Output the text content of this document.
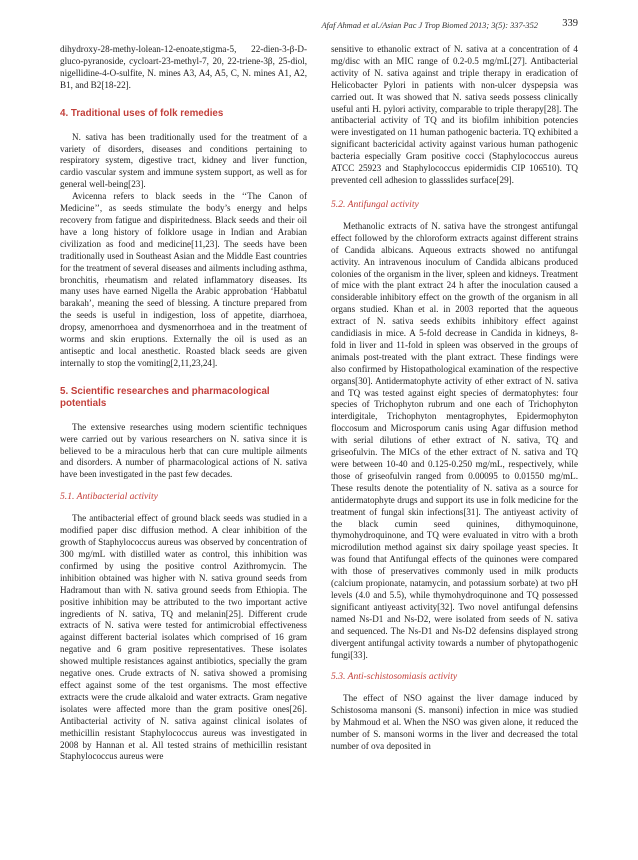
Afaf Ahmad et al./Asian Pac J Trop Biomed 2013; 3(5): 337-352 339

dihydroxy-28-methy-lolean-12-enoate,stigma-5, 22-dien-3-β-D-gluco-pyranoside, cycloart-23-methyl-7, 20, 22-triene-3β, 25-diol, nigellidine-4-O-sulfite, N. mines A3, A4, A5, C, N. mines A1, A2, B1, and B2[18-22].

4. Traditional uses of folk remedies

N. sativa has been traditionally used for the treatment of a variety of disorders, diseases and conditions pertaining to respiratory system, digestive tract, kidney and liver function, cardio vascular system and immune system support, as well as for general well-being[23].

Avicenna refers to black seeds in the ‘‘The Canon of Medicine’’, as seeds stimulate the body’s energy and helps recovery from fatigue and dispiritedness. Black seeds and their oil have a long history of folklore usage in Indian and Arabian civilization as food and medicine[11,23]. The seeds have been traditionally used in Southeast Asian and the Middle East countries for the treatment of several diseases and ailments including asthma, bronchitis, rheumatism and related inflammatory diseases. Its many uses have earned Nigella the Arabic approbation ‘Habbatul barakah’, meaning the seed of blessing. A tincture prepared from the seeds is useful in indigestion, loss of appetite, diarrhoea, dropsy, amenorrhoea and dysmenorrhoea and in the treatment of worms and skin eruptions. Externally the oil is used as an antiseptic and local anesthetic. Roasted black seeds are given internally to stop the vomiting[2,11,23,24].

5. Scientific researches and pharmacological potentials

The extensive researches using modern scientific techniques were carried out by various researchers on N. sativa since it is believed to be a miraculous herb that can cure multiple ailments and disorders. A number of pharmacological actions of N. sativa have been investigated in the past few decades.

5.1. Antibacterial activity

The antibacterial effect of ground black seeds was studied in a modified paper disc diffusion method. A clear inhibition of the growth of Staphylococcus aureus was observed by concentration of 300 mg/mL with distilled water as control, this inhibition was confirmed by using the positive control Azithromycin. The inhibition obtained was higher with N. sativa ground seeds from Hadramout than with N. sativa ground seeds from Ethiopia. The positive inhibition may be attributed to the two important active ingredients of N. sativa, TQ and melanin[25]. Different crude extracts of N. sativa were tested for antimicrobial effectiveness against different bacterial isolates which comprised of 16 gram negative and 6 gram positive representatives. These isolates showed multiple resistances against antibiotics, specially the gram negative ones. Crude extracts of N. sativa showed a promising effect against some of the test organisms. The most effective extracts were the crude alkaloid and water extracts. Gram negative isolates were affected more than the gram positive ones[26]. Antibacterial activity of N. sativa against clinical isolates of methicillin resistant Staphylococcus aureus was investigated in 2008 by Hannan et al. All tested strains of methicillin resistant Staphylococcus aureus were

sensitive to ethanolic extract of N. sativa at a concentration of 4 mg/disc with an MIC range of 0.2-0.5 mg/mL[27]. Antibacterial activity of N. sativa against and triple therapy in eradication of Helicobacter Pylori in patients with non-ulcer dyspepsia was carried out. It was showed that N. sativa seeds possess clinically useful anti H. pylori activity, comparable to triple therapy[28]. The antibacterial activity of TQ and its biofilm inhibition potencies were investigated on 11 human pathogenic bacteria. TQ exhibited a significant bactericidal activity against various human pathogenic bacteria especially Gram positive cocci (Staphylococcus aureus ATCC 25923 and Staphylococcus epidermidis CIP 106510). TQ prevented cell adhesion to glassslides surface[29].

5.2. Antifungal activity

Methanolic extracts of N. sativa have the strongest antifungal effect followed by the chloroform extracts against different strains of Candida albicans. Aqueous extracts showed no antifungal activity. An intravenous inoculum of Candida albicans produced colonies of the organism in the liver, spleen and kidneys. Treatment of mice with the plant extract 24 h after the inoculation caused a considerable inhibitory effect on the growth of the organism in all organs studied. Khan et al. in 2003 reported that the aqueous extract of N. sativa seeds exhibits inhibitory effect against candidiasis in mice. A 5-fold decrease in Candida in kidneys, 8-fold in liver and 11-fold in spleen was observed in the groups of animals post-treated with the plant extract. These findings were also confirmed by Histopathological examination of the respective organs[30]. Antidermatophyte activity of ether extract of N. sativa and TQ was tested against eight species of dermatophytes: four species of Trichophyton rubrum and one each of Trichophyton interdigitale, Trichophyton mentagrophytes, Epidermophyton floccosum and Microsporum canis using Agar diffusion method with serial dilutions of ether extract of N. sativa, TQ and griseofulvin. The MICs of the ether extract of N. sativa and TQ were between 10-40 and 0.125-0.250 mg/mL, respectively, while those of griseofulvin ranged from 0.00095 to 0.01550 mg/mL. These results denote the potentiality of N. sativa as a source for antidermatophyte drugs and support its use in folk medicine for the treatment of fungal skin infections[31]. The antiyeast activity of the black cumin seed quinines, dithymoquinone, thymohydroquinone, and TQ were evaluated in vitro with a broth microdilution method against six dairy spoilage yeast species. It was found that Antifungal effects of the quinones were compared with those of preservatives commonly used in milk products (calcium propionate, natamycin, and potassium sorbate) at two pH levels (4.0 and 5.5), while thymohydroquinone and TQ possessed significant antiyeast activity[32]. Two novel antifungal defensins named Ns-D1 and Ns-D2, were isolated from seeds of N. sativa and sequenced. The Ns-D1 and Ns-D2 defensins displayed strong divergent antifungal activity towards a number of phytopathogenic fungi[33].

5.3. Anti-schistosomiasis activity

The effect of NSO against the liver damage induced by Schistosoma mansoni (S. mansoni) infection in mice was studied by Mahmoud et al. When the NSO was given alone, it reduced the number of S. mansoni worms in the liver and decreased the total number of ova deposited in
